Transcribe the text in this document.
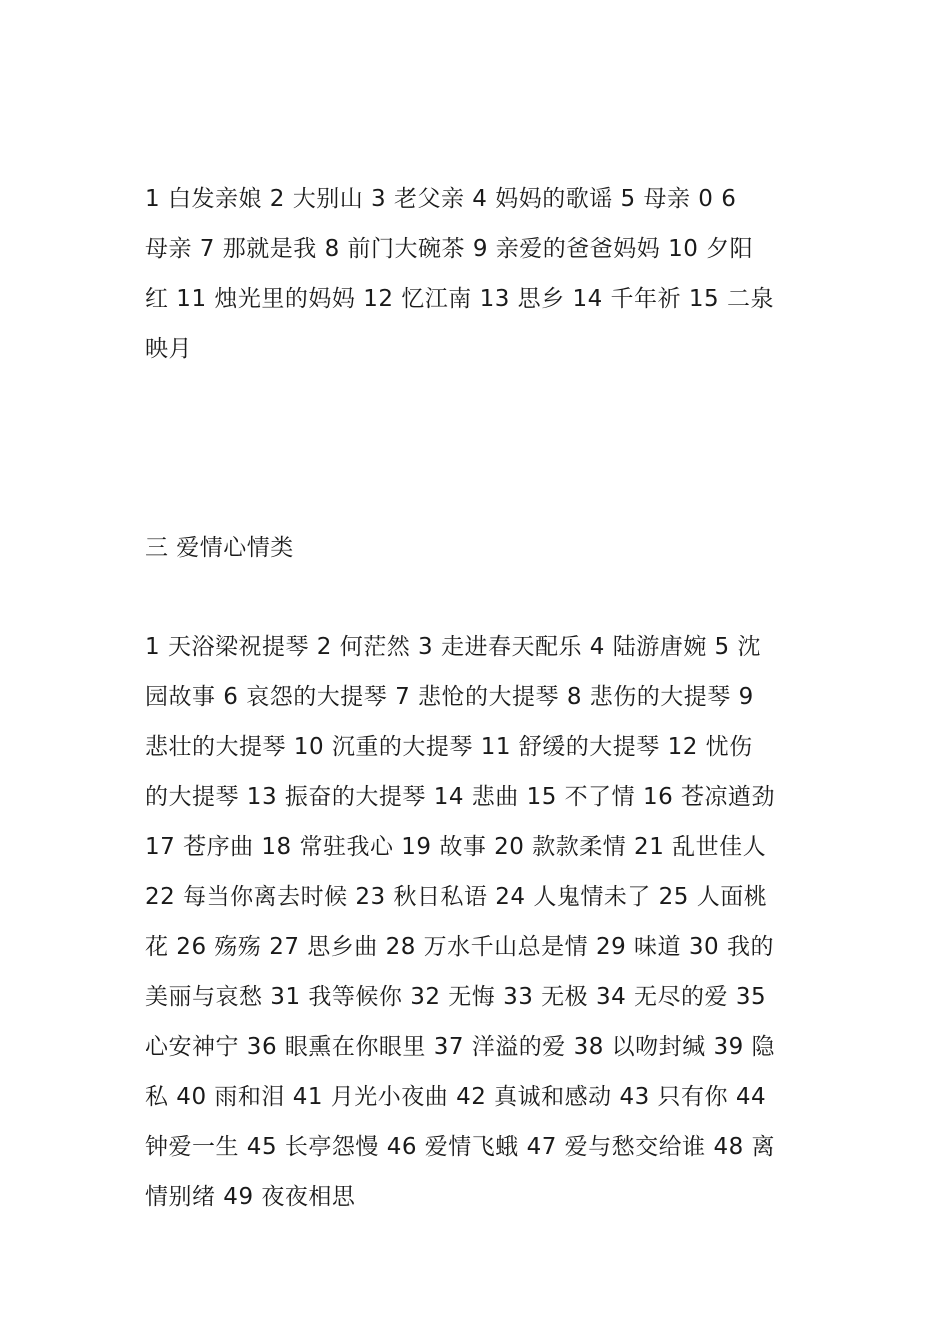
1 白发亲娘 2 大别山 3 老父亲 4 妈妈的歌谣 5 母亲 0 6
母亲 7 那就是我 8 前门大碗茶 9 亲爱的爸爸妈妈 10 夕阳
红 11 烛光里的妈妈 12 忆江南 13 思乡 14 千年祈 15 二泉
映月
三 爱情心情类
1 天浴梁祝提琴 2 何茫然 3 走进春天配乐 4 陆游唐婉 5 沈
园故事 6 哀怨的大提琴 7 悲怆的大提琴 8 悲伤的大提琴 9
悲壮的大提琴 10 沉重的大提琴 11 舒缓的大提琴 12 忧伤
的大提琴 13 振奋的大提琴 14 悲曲 15 不了情 16 苍凉遒劲
17 苍序曲 18 常驻我心 19 故事 20 款款柔情 21 乱世佳人
22 每当你离去时候 23 秋日私语 24 人鬼情未了 25 人面桃
花 26 殇殇 27 思乡曲 28 万水千山总是情 29 味道 30 我的
美丽与哀愁 31 我等候你 32 无悔 33 无极 34 无尽的爱 35
心安神宁 36 眼熏在你眼里 37 洋溢的爱 38 以吻封缄 39 隐
私 40 雨和泪 41 月光小夜曲 42 真诚和感动 43 只有你 44
钟爱一生 45 长亭怨慢 46 爱情飞蛾 47 爱与愁交给谁 48 离
情别绪 49 夜夜相思
